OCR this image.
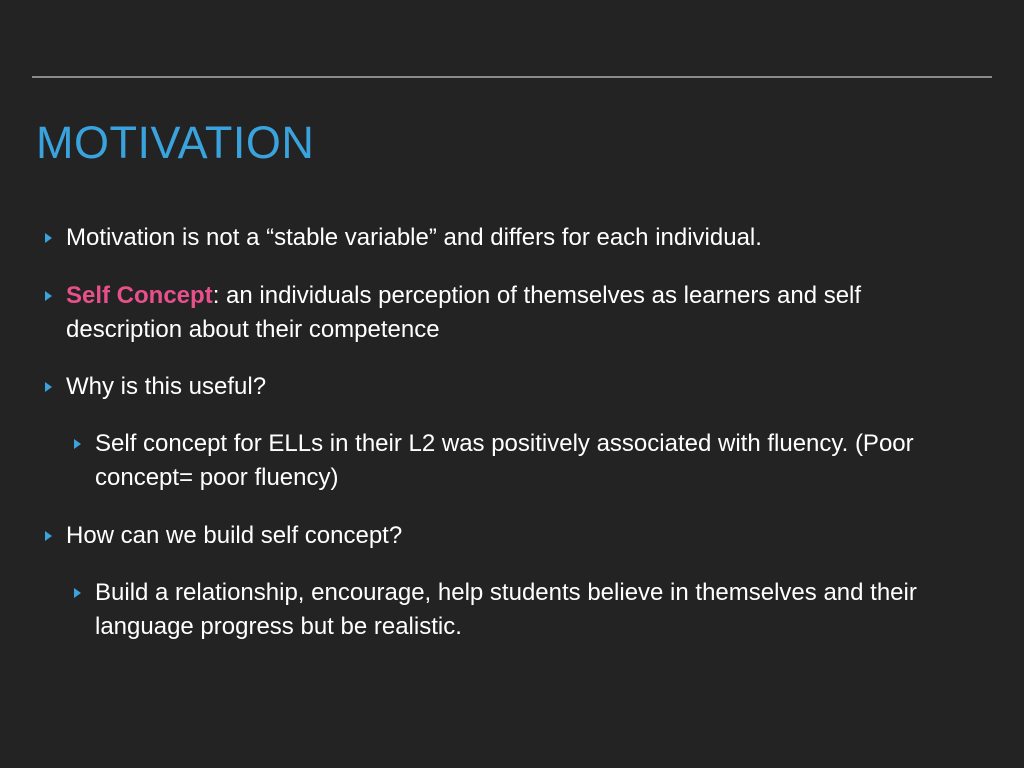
MOTIVATION
Motivation is not a “stable variable” and differs for each individual.
Self Concept: an individuals perception of themselves as learners and self description about their competence
Why is this useful?
Self concept for ELLs in their L2 was positively associated with fluency. (Poor concept= poor fluency)
How can we build self concept?
Build a relationship, encourage, help students believe in themselves and their language progress but be realistic.
